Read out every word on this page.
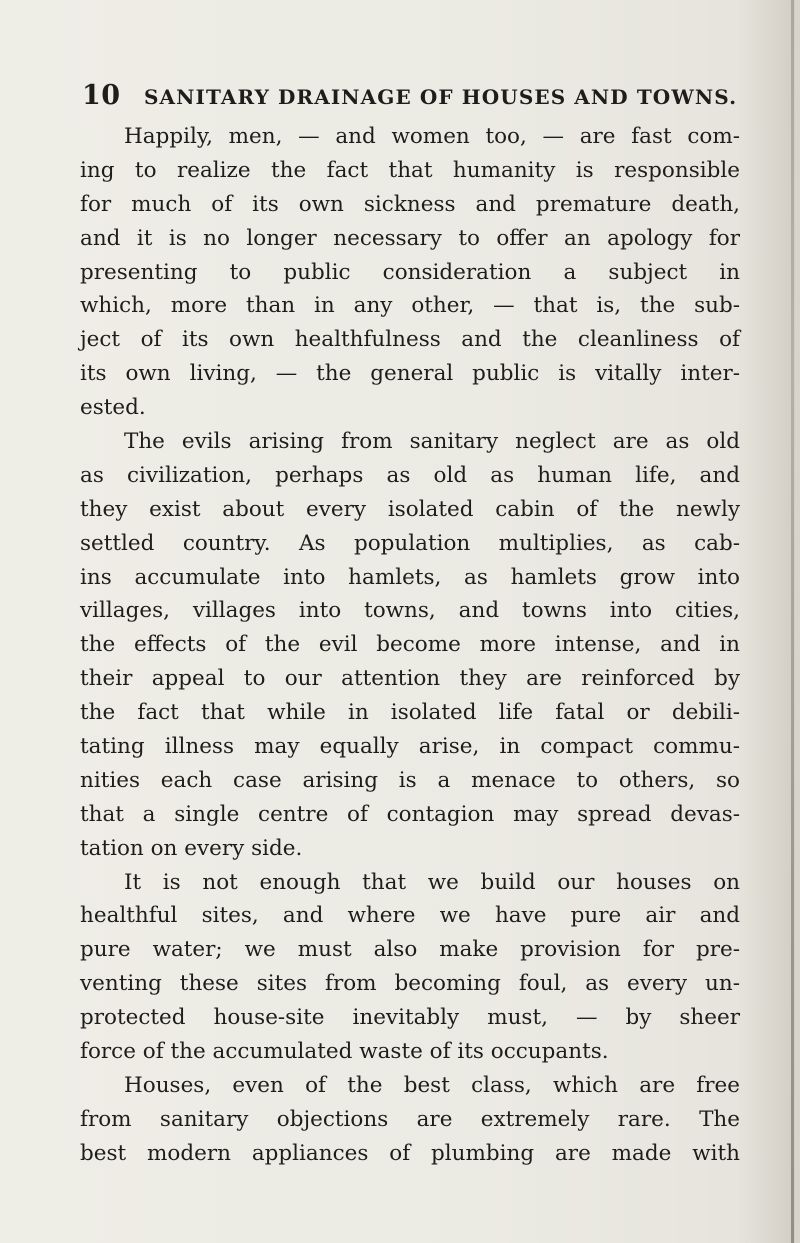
10 SANITARY DRAINAGE OF HOUSES AND TOWNS.
Happily, men, — and women too, — are fast com-
ing to realize the fact that humanity is responsible
for much of its own sickness and premature death,
and it is no longer necessary to offer an apology for
presenting to public consideration a subject in
which, more than in any other, — that is, the sub-
ject of its own healthfulness and the cleanliness of
its own living, — the general public is vitally inter-
ested.
The evils arising from sanitary neglect are as old
as civilization, perhaps as old as human life, and
they exist about every isolated cabin of the newly
settled country. As population multiplies, as cab-
ins accumulate into hamlets, as hamlets grow into
villages, villages into towns, and towns into cities,
the effects of the evil become more intense, and in
their appeal to our attention they are reinforced by
the fact that while in isolated life fatal or debili-
tating illness may equally arise, in compact commu-
nities each case arising is a menace to others, so
that a single centre of contagion may spread devas-
tation on every side.
It is not enough that we build our houses on
healthful sites, and where we have pure air and
pure water; we must also make provision for pre-
venting these sites from becoming foul, as every un-
protected house-site inevitably must, — by sheer
force of the accumulated waste of its occupants.
Houses, even of the best class, which are free
from sanitary objections are extremely rare. The
best modern appliances of plumbing are made with
